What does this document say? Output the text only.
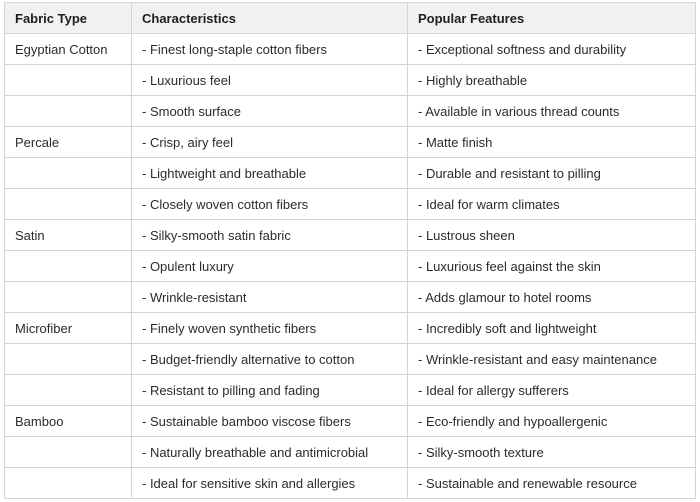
Fabric Type	Characteristics	Popular Features
Egyptian Cotton	- Finest long-staple cotton fibers	- Exceptional softness and durability
	- Luxurious feel	- Highly breathable
	- Smooth surface	- Available in various thread counts
Percale	- Crisp, airy feel	- Matte finish
	- Lightweight and breathable	- Durable and resistant to pilling
	- Closely woven cotton fibers	- Ideal for warm climates
Satin	- Silky-smooth satin fabric	- Lustrous sheen
	- Opulent luxury	- Luxurious feel against the skin
	- Wrinkle-resistant	- Adds glamour to hotel rooms
Microfiber	- Finely woven synthetic fibers	- Incredibly soft and lightweight
	- Budget-friendly alternative to cotton	- Wrinkle-resistant and easy maintenance
	- Resistant to pilling and fading	- Ideal for allergy sufferers
Bamboo	- Sustainable bamboo viscose fibers	- Eco-friendly and hypoallergenic
	- Naturally breathable and antimicrobial	- Silky-smooth texture
	- Ideal for sensitive skin and allergies	- Sustainable and renewable resource
